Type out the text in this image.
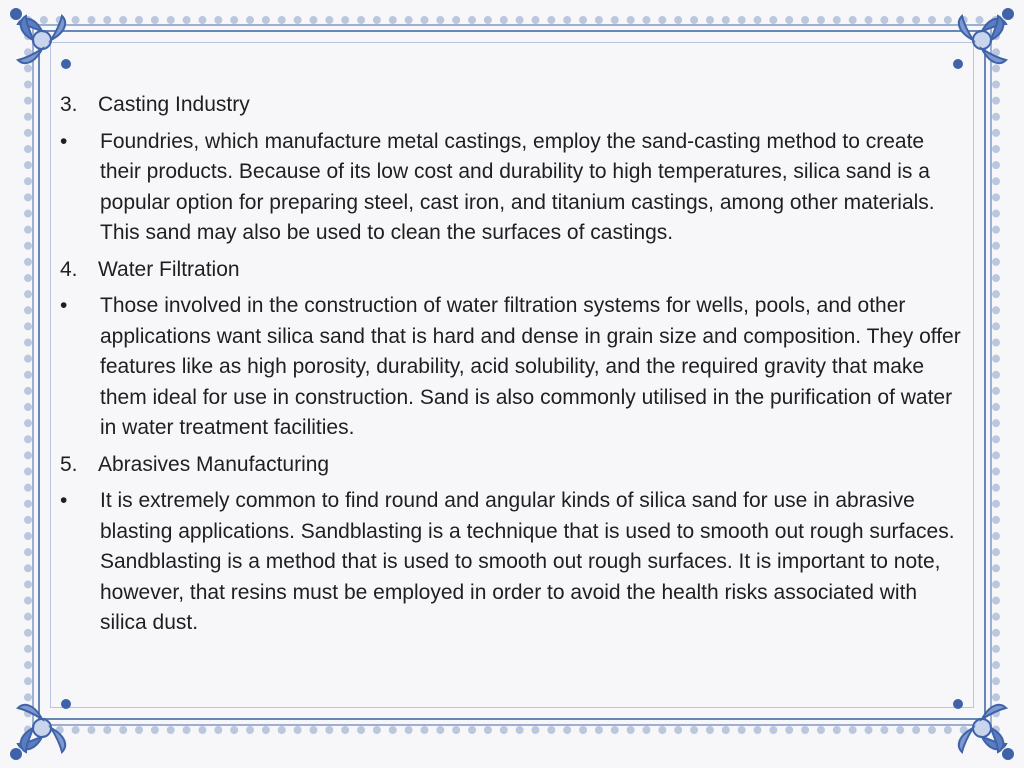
3. Casting Industry
•	Foundries, which manufacture metal castings, employ the sand-casting method to create their products. Because of its low cost and durability to high temperatures, silica sand is a popular option for preparing steel, cast iron, and titanium castings, among other materials. This sand may also be used to clean the surfaces of castings.
4. Water Filtration
•	Those involved in the construction of water filtration systems for wells, pools, and other applications want silica sand that is hard and dense in grain size and composition. They offer features like as high porosity, durability, acid solubility, and the required gravity that make them ideal for use in construction. Sand is also commonly utilised in the purification of water in water treatment facilities.
5. Abrasives Manufacturing
•	It is extremely common to find round and angular kinds of silica sand for use in abrasive blasting applications. Sandblasting is a technique that is used to smooth out rough surfaces. Sandblasting is a method that is used to smooth out rough surfaces. It is important to note, however, that resins must be employed in order to avoid the health risks associated with silica dust.
